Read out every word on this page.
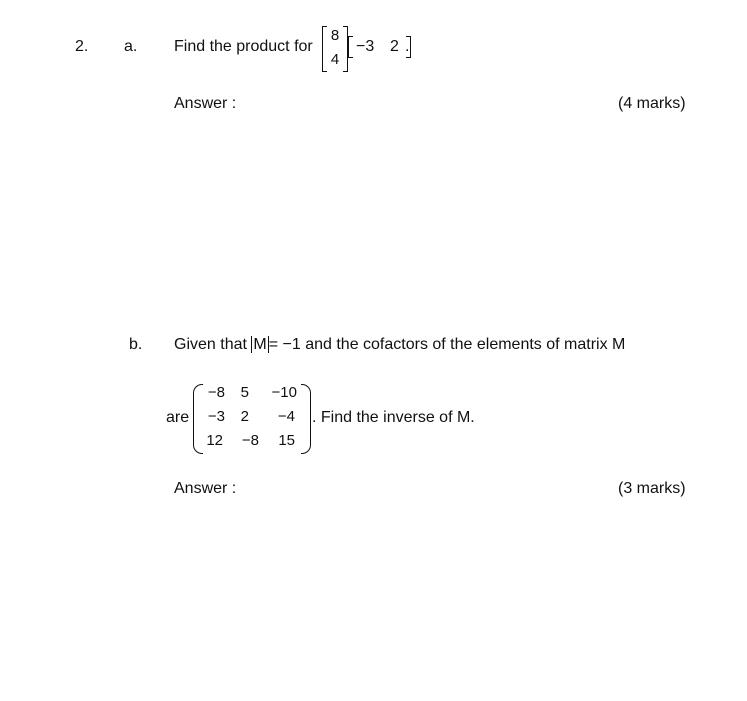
2. a. Find the product for
8
4
−3 2 .
Answer :	(4 marks)
b. Given that M = −1 and the cofactors of the elements of matrix M
are
−8	5	−10
−3	2	−4
12	−8	15
. Find the inverse of M.
Answer :	(3 marks)
